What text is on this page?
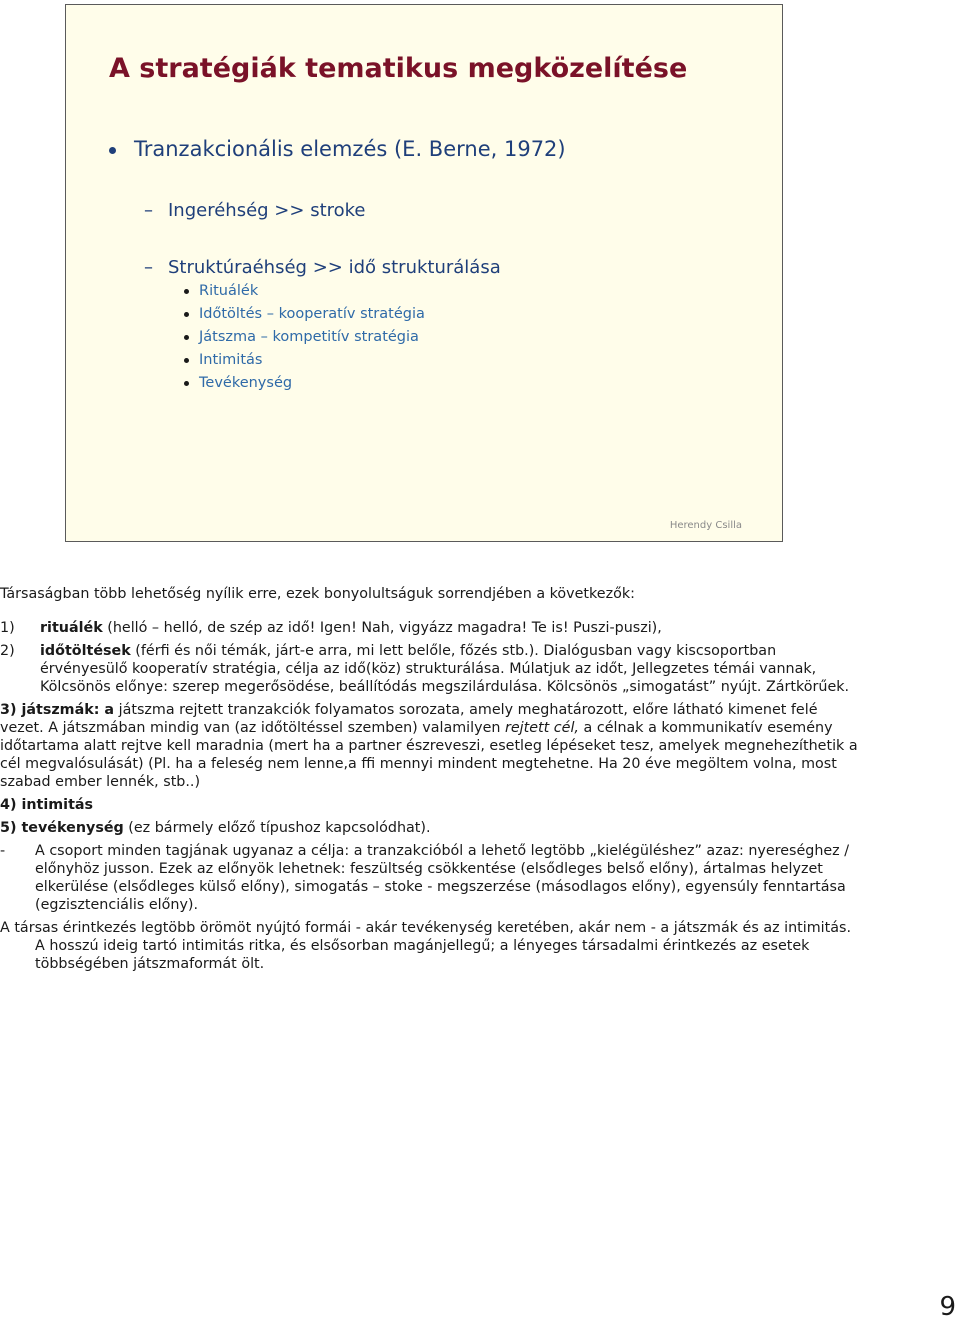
A stratégiák tematikus megközelítése
Tranzakcionális elemzés (E. Berne, 1972)
– Ingeréhség >> stroke
– Struktúraéhség >> idő strukturálása
Rituálék
Időtöltés – kooperatív stratégia
Játszma – kompetitív stratégia
Intimitás
Tevékenység
Herendy Csilla

Társaságban több lehetőség nyílik erre, ezek bonyolultságuk sorrendjében a következők:

1)	rituálék (helló – helló, de szép az idő! Igen! Nah, vigyázz magadra! Te is! Puszi-puszi),

2)	időtöltések (férfi és női témák, járt-e arra, mi lett belőle, főzés stb.). Dialógusban vagy kiscsoportban érvényesülő kooperatív stratégia, célja az idő(köz) strukturálása. Múlatjuk az időt, Jellegzetes témái vannak, Kölcsönös előnye: szerep megerősödése, beállítódás megszilárdulása. Kölcsönös „simogatást” nyújt. Zártkörűek.

3) játszmák: a játszma rejtett tranzakciók folyamatos sorozata, amely meghatározott, előre látható kimenet felé vezet. A játszmában mindig van (az időtöltéssel szemben) valamilyen rejtett cél, a célnak a kommunikatív esemény időtartama alatt rejtve kell maradnia (mert ha a partner észreveszi, esetleg lépéseket tesz, amelyek megnehezíthetik a cél megvalósulását) (Pl. ha a feleség nem lenne,a ffi mennyi mindent megtehetne. Ha 20 éve megöltem volna, most szabad ember lennék, stb..)

4) intimitás

5) tevékenység (ez bármely előző típushoz kapcsolódhat).

-	A csoport minden tagjának ugyanaz a célja: a tranzakcióból a lehető legtöbb „kielégüléshez” azaz: nyereséghez / előnyhöz jusson. Ezek az előnyök lehetnek: feszültség csökkentése (elsődleges belső előny), ártalmas helyzet elkerülése (elsődleges külső előny), simogatás – stoke - megszerzése (másodlagos előny), egyensúly fenntartása (egzisztenciális előny).

A társas érintkezés legtöbb örömöt nyújtó formái - akár tevékenység keretében, akár nem - a játszmák és az intimitás. A hosszú ideig tartó intimitás ritka, és elsősorban magánjellegű; a lényeges társadalmi érintkezés az esetek többségében játszmaformát ölt.

9
